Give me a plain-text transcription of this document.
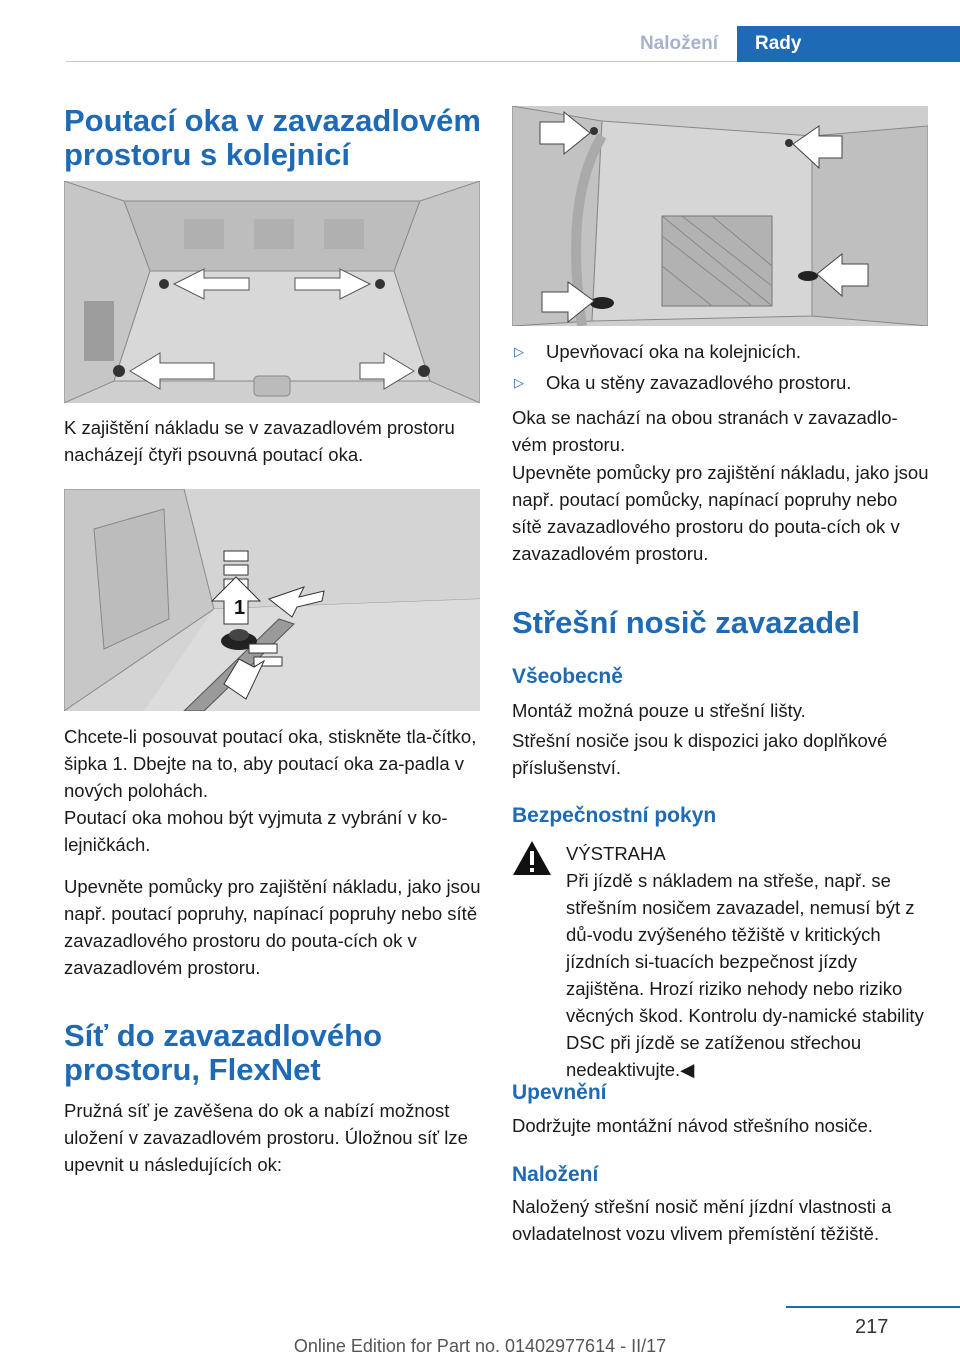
Naložení	Rady
Poutací oka v zavazadlovém prostoru s kolejnicí

K zajištění nákladu se v zavazadlovém prostoru nacházejí čtyři psouvná poutací oka.

1

Chcete-li posouvat poutací oka, stiskněte tla‐čítko, šipka 1. Dbejte na to, aby poutací oka za‐padla v nových polohách.

Poutací oka mohou být vyjmuta z vybrání v ko‐lejničkách.

Upevněte pomůcky pro zajištění nákladu, jako jsou např. poutací popruhy, napínací popruhy nebo sítě zavazadlového prostoru do pouta‐cích ok v zavazadlovém prostoru.

Síť do zavazadlového prostoru, FlexNet

Pružná síť je zavěšena do ok a nabízí možnost uložení v zavazadlovém prostoru. Úložnou síť lze upevnit u následujících ok:

▷	Upevňovací oka na kolejnicích.
▷	Oka u stěny zavazadlového prostoru.

Oka se nachází na obou stranách v zavazadlo‐vém prostoru.

Upevněte pomůcky pro zajištění nákladu, jako jsou např. poutací pomůcky, napínací popruhy nebo sítě zavazadlového prostoru do pouta‐cích ok v zavazadlovém prostoru.

Střešní nosič zavazadel
Všeobecně

Montáž možná pouze u střešní lišty.

Střešní nosiče jsou k dispozici jako doplňkové příslušenství.

Bezpečnostní pokyn
VÝSTRAHA
Při jízdě s nákladem na střeše, např. se střešním nosičem zavazadel, nemusí být z dů‐vodu zvýšeného těžiště v kritických jízdních si‐tuacích bezpečnost jízdy zajištěna. Hrozí riziko nehody nebo riziko věcných škod. Kontrolu dy‐namické stability DSC při jízdě se zatíženou střechou nedeaktivujte.◀
Upevnění

Dodržujte montážní návod střešního nosiče.

Naložení

Naložený střešní nosič mění jízdní vlastnosti a ovladatelnost vozu vlivem přemístění těžiště.

217
Online Edition for Part no. 01402977614 - II/17
